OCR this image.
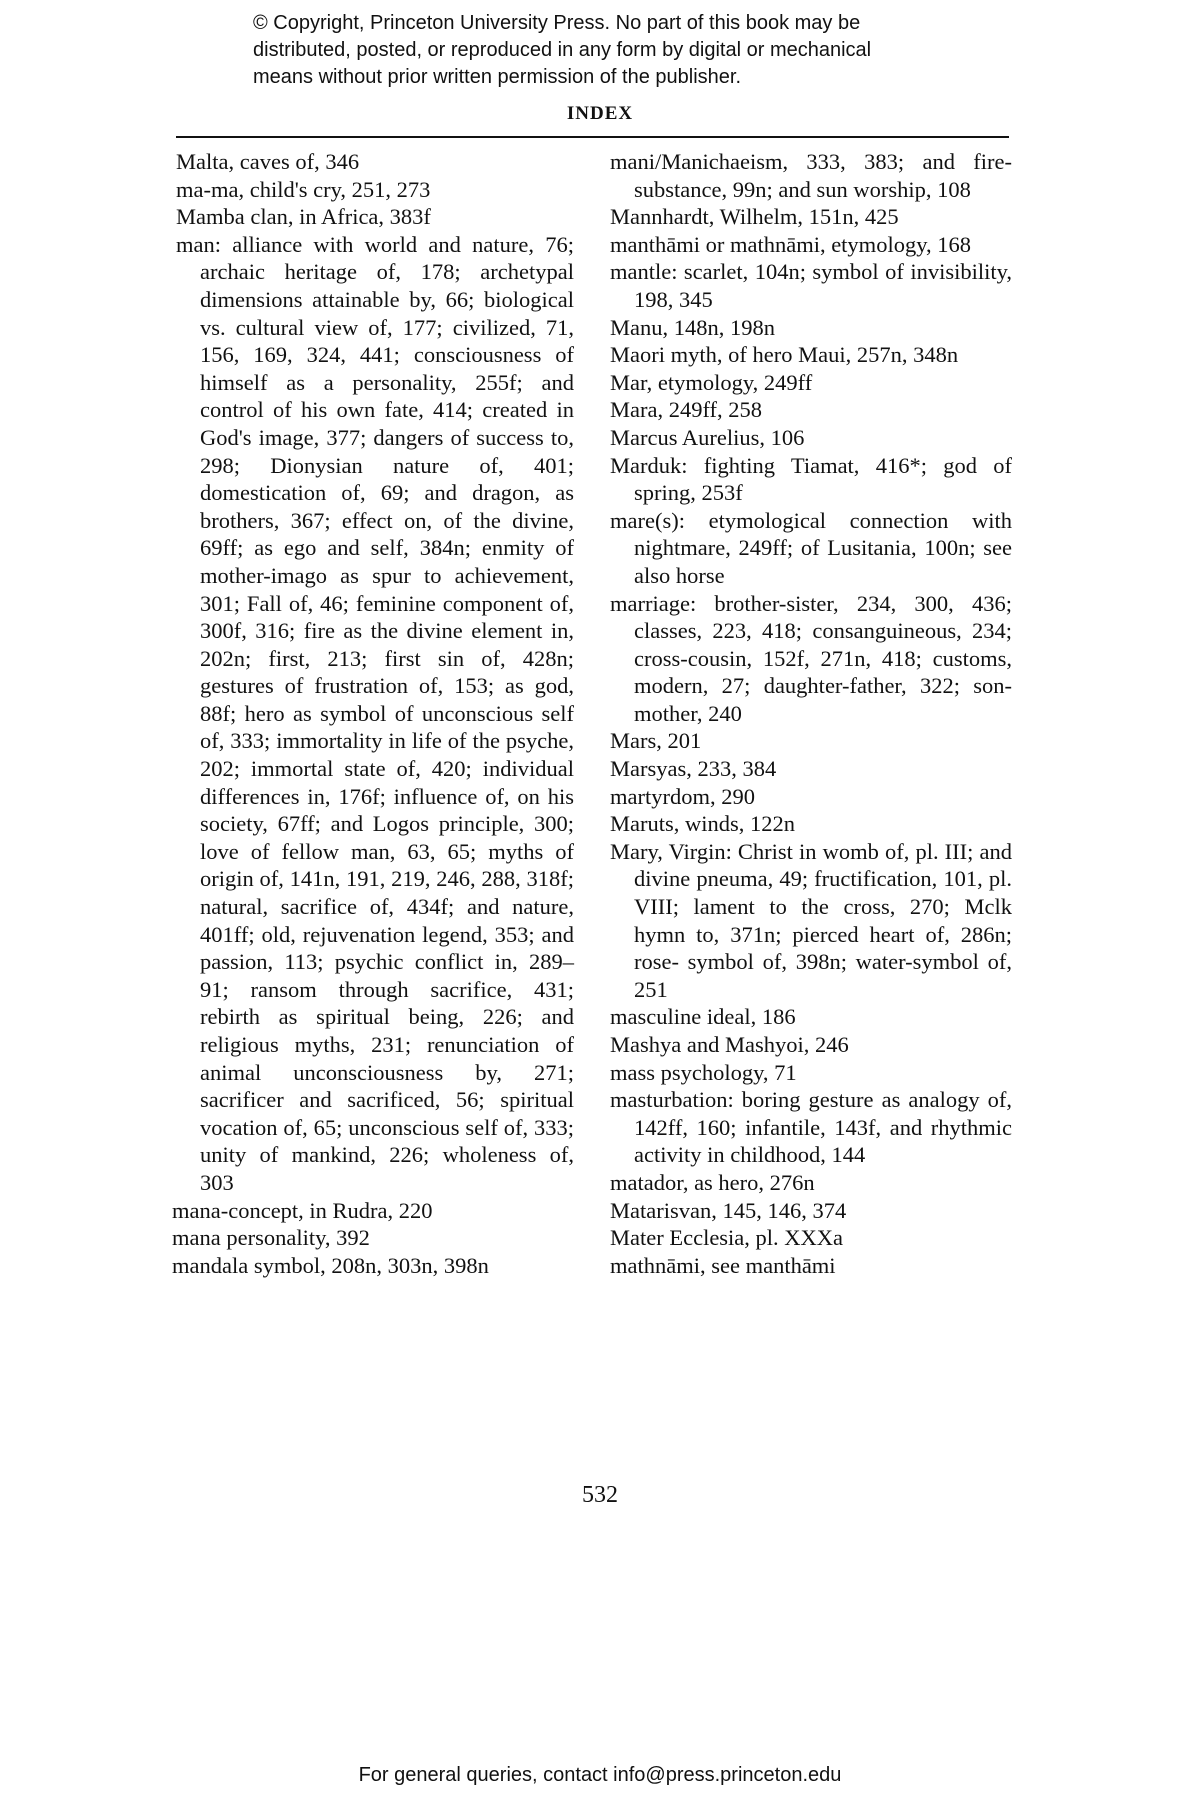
© Copyright, Princeton University Press. No part of this book may be
distributed, posted, or reproduced in any form by digital or mechanical
means without prior written permission of the publisher.
INDEX
Malta, caves of, 346
ma-ma, child's cry, 251, 273
Mamba clan, in Africa, 383f
man: alliance with world and nature, 76; archaic heritage of, 178; archetypal dimensions attainable by, 66; biological vs. cultural view of, 177; civilized, 71, 156, 169, 324, 441; consciousness of himself as a personality, 255f; and control of his own fate, 414; created in God's image, 377; dangers of success to, 298; Dionysian nature of, 401; domestication of, 69; and dragon, as brothers, 367; effect on, of the divine, 69ff; as ego and self, 384n; enmity of mother-imago as spur to achievement, 301; Fall of, 46; feminine component of, 300f, 316; fire as the divine element in, 202n; first, 213; first sin of, 428n; gestures of frustration of, 153; as god, 88f; hero as symbol of unconscious self of, 333; immortality in life of the psyche, 202; immortal state of, 420; individual differences in, 176f; influence of, on his society, 67ff; and Logos principle, 300; love of fellow man, 63, 65; myths of origin of, 141n, 191, 219, 246, 288, 318f; natural, sacrifice of, 434f; and nature, 401ff; old, rejuvenation legend, 353; and passion, 113; psychic conflict in, 289–91; ransom through sacrifice, 431; rebirth as spiritual being, 226; and religious myths, 231; renunciation of animal unconsciousness by, 271; sacrificer and sacrificed, 56; spiritual vocation of, 65; unconscious self of, 333; unity of mankind, 226; wholeness of, 303
mana-concept, in Rudra, 220
mana personality, 392
mandala symbol, 208n, 303n, 398n
mani/Manichaeism, 333, 383; and fire-substance, 99n; and sun worship, 108
Mannhardt, Wilhelm, 151n, 425
manthāmi or mathnāmi, etymology, 168
mantle: scarlet, 104n; symbol of invisibility, 198, 345
Manu, 148n, 198n
Maori myth, of hero Maui, 257n, 348n
Mar, etymology, 249ff
Mara, 249ff, 258
Marcus Aurelius, 106
Marduk: fighting Tiamat, 416*; god of spring, 253f
mare(s): etymological connection with nightmare, 249ff; of Lusitania, 100n; see also horse
marriage: brother-sister, 234, 300, 436; classes, 223, 418; consanguineous, 234; cross-cousin, 152f, 271n, 418; customs, modern, 27; daughter-father, 322; son-mother, 240
Mars, 201
Marsyas, 233, 384
martyrdom, 290
Maruts, winds, 122n
Mary, Virgin: Christ in womb of, pl. III; and divine pneuma, 49; fructification, 101, pl. VIII; lament to the cross, 270; Mclk hymn to, 371n; pierced heart of, 286n; rose- symbol of, 398n; water-symbol of, 251
masculine ideal, 186
Mashya and Mashyoi, 246
mass psychology, 71
masturbation: boring gesture as analogy of, 142ff, 160; infantile, 143f, and rhythmic activity in childhood, 144
matador, as hero, 276n
Matarisvan, 145, 146, 374
Mater Ecclesia, pl. XXXa
mathnāmi, see manthāmi
532
For general queries, contact info@press.princeton.edu
